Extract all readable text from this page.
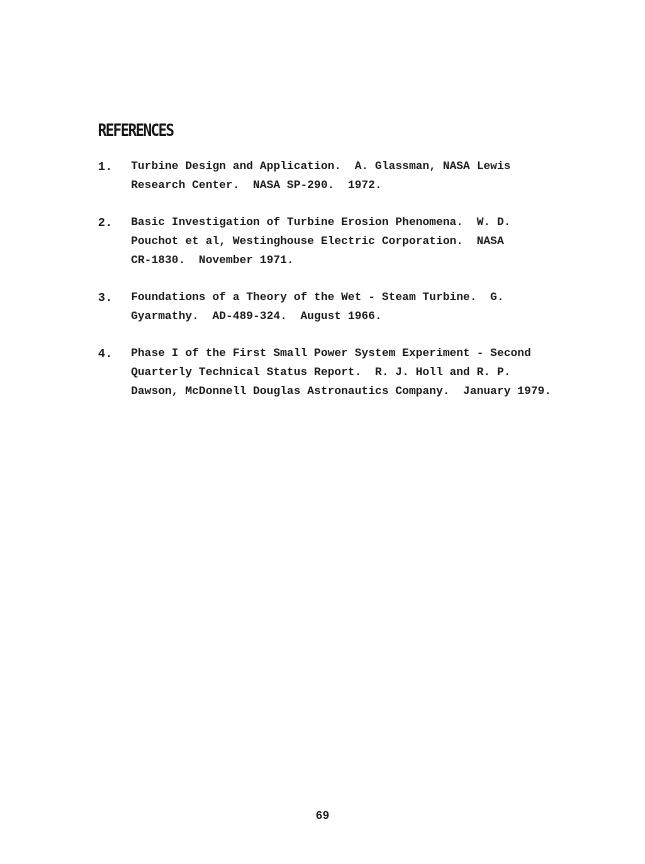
REFERENCES
1. Turbine Design and Application.  A. Glassman, NASA Lewis
Research Center.  NASA SP-290.  1972.
2. Basic Investigation of Turbine Erosion Phenomena.  W. D.
Pouchot et al, Westinghouse Electric Corporation.  NASA
CR-1830.  November 1971.
3. Foundations of a Theory of the Wet - Steam Turbine.  G.
Gyarmathy.  AD-489-324.  August 1966.
4. Phase I of the First Small Power System Experiment - Second
Quarterly Technical Status Report.  R. J. Holl and R. P.
Dawson, McDonnell Douglas Astronautics Company.  January 1979.
69
